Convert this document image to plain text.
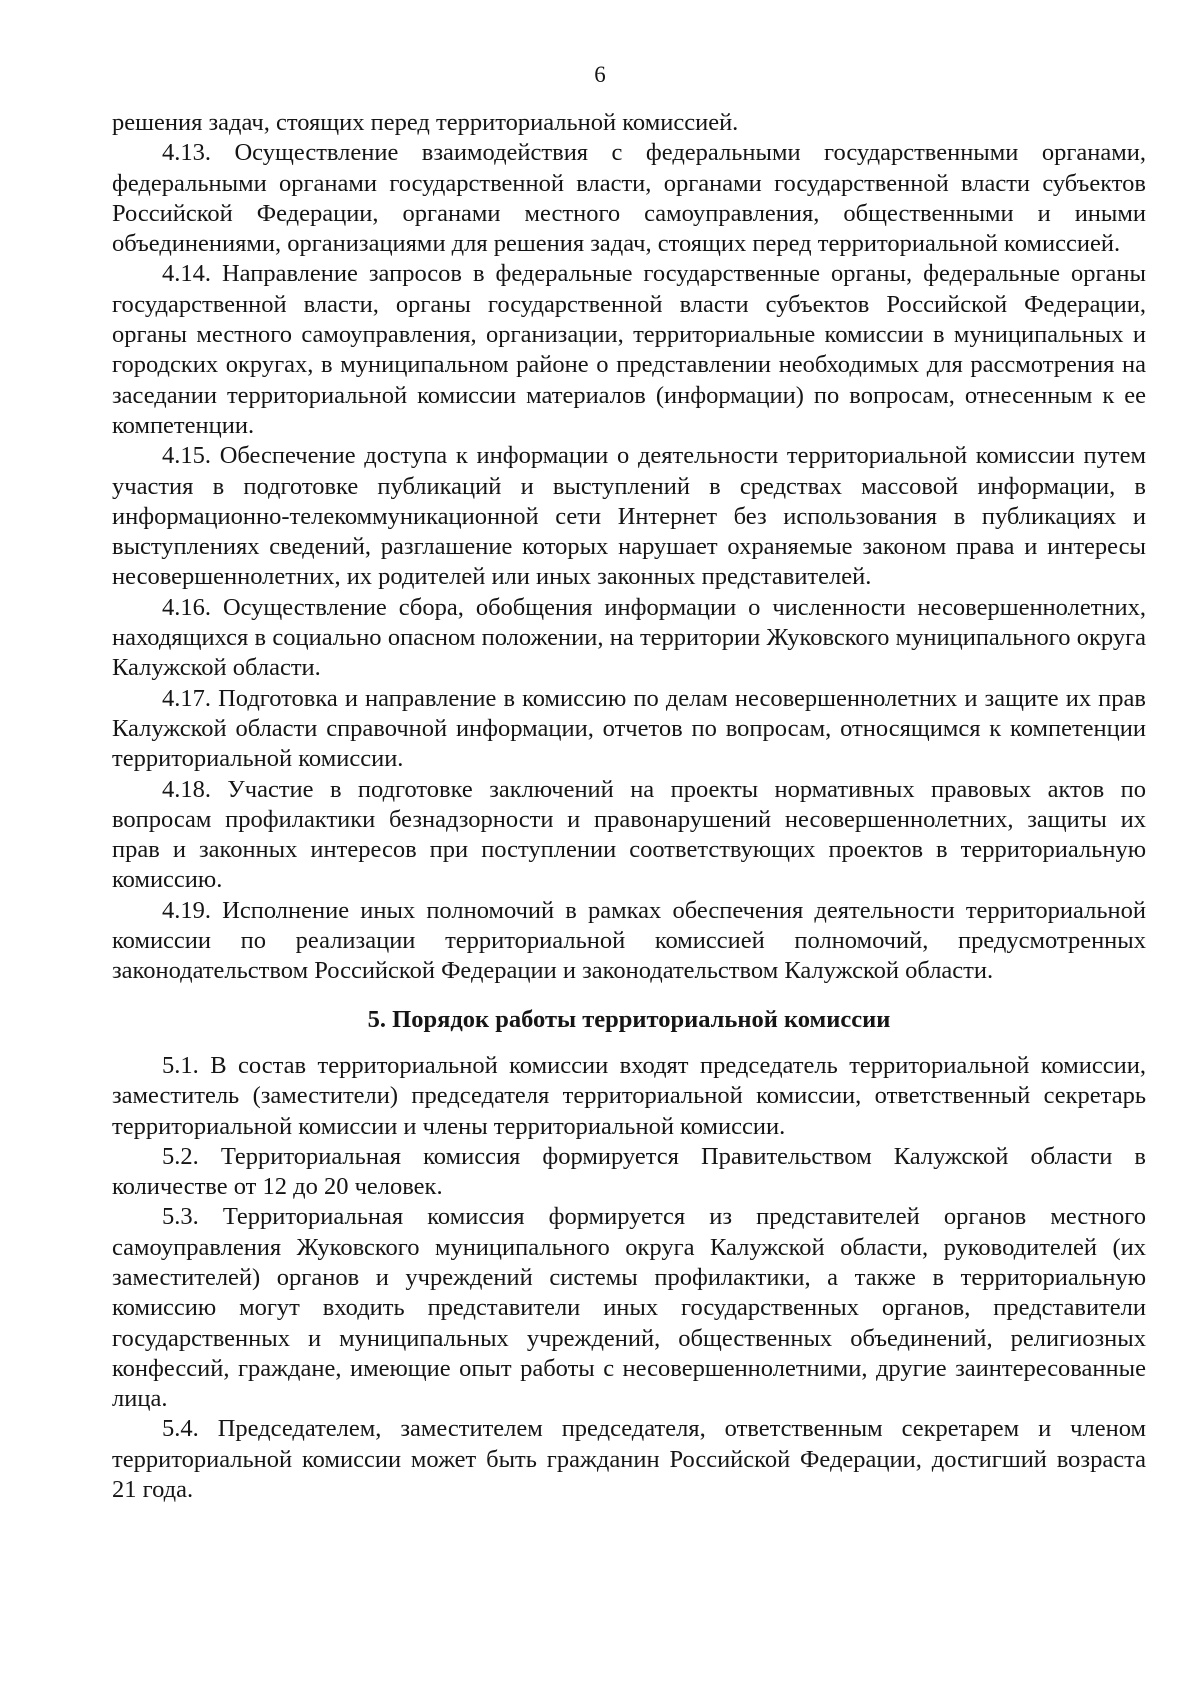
6

решения задач, стоящих перед территориальной комиссией.

4.13. Осуществление взаимодействия с федеральными государственными органами, федеральными органами государственной власти, органами государственной власти субъектов Российской Федерации, органами местного самоуправления, общественными и иными объединениями, организациями для решения задач, стоящих перед территориальной комиссией.

4.14. Направление запросов в федеральные государственные органы, федеральные органы государственной власти, органы государственной власти субъектов Российской Федерации, органы местного самоуправления, организации, территориальные комиссии в муниципальных и городских округах, в муниципальном районе о представлении необходимых для рассмотрения на заседании территориальной комиссии материалов (информации) по вопросам, отнесенным к ее компетенции.

4.15. Обеспечение доступа к информации о деятельности территориальной комиссии путем участия в подготовке публикаций и выступлений в средствах массовой информации, в информационно-телекоммуникационной сети Интернет без использования в публикациях и выступлениях сведений, разглашение которых нарушает охраняемые законом права и интересы несовершеннолетних, их родителей или иных законных представителей.

4.16. Осуществление сбора, обобщения информации о численности несовершеннолетних, находящихся в социально опасном положении, на территории Жуковского муниципального округа Калужской области.

4.17. Подготовка и направление в комиссию по делам несовершеннолетних и защите их прав Калужской области справочной информации, отчетов по вопросам, относящимся к компетенции территориальной комиссии.

4.18. Участие в подготовке заключений на проекты нормативных правовых актов по вопросам профилактики безнадзорности и правонарушений несовершеннолетних, защиты их прав и законных интересов при поступлении соответствующих проектов в территориальную комиссию.

4.19. Исполнение иных полномочий в рамках обеспечения деятельности территориальной комиссии по реализации территориальной комиссией полномочий, предусмотренных законодательством Российской Федерации и законодательством Калужской области.

5. Порядок работы территориальной комиссии

5.1. В состав территориальной комиссии входят председатель территориальной комиссии, заместитель (заместители) председателя территориальной комиссии, ответственный секретарь территориальной комиссии и члены территориальной комиссии.

5.2. Территориальная комиссия формируется Правительством Калужской области в количестве от 12 до 20 человек.

5.3. Территориальная комиссия формируется из представителей органов местного самоуправления Жуковского муниципального округа Калужской области, руководителей (их заместителей) органов и учреждений системы профилактики, а также в территориальную комиссию могут входить представители иных государственных органов, представители государственных и муниципальных учреждений, общественных объединений, религиозных конфессий, граждане, имеющие опыт работы с несовершеннолетними, другие заинтересованные лица.

5.4. Председателем, заместителем председателя, ответственным секретарем и членом территориальной комиссии может быть гражданин Российской Федерации, достигший возраста 21 года.
